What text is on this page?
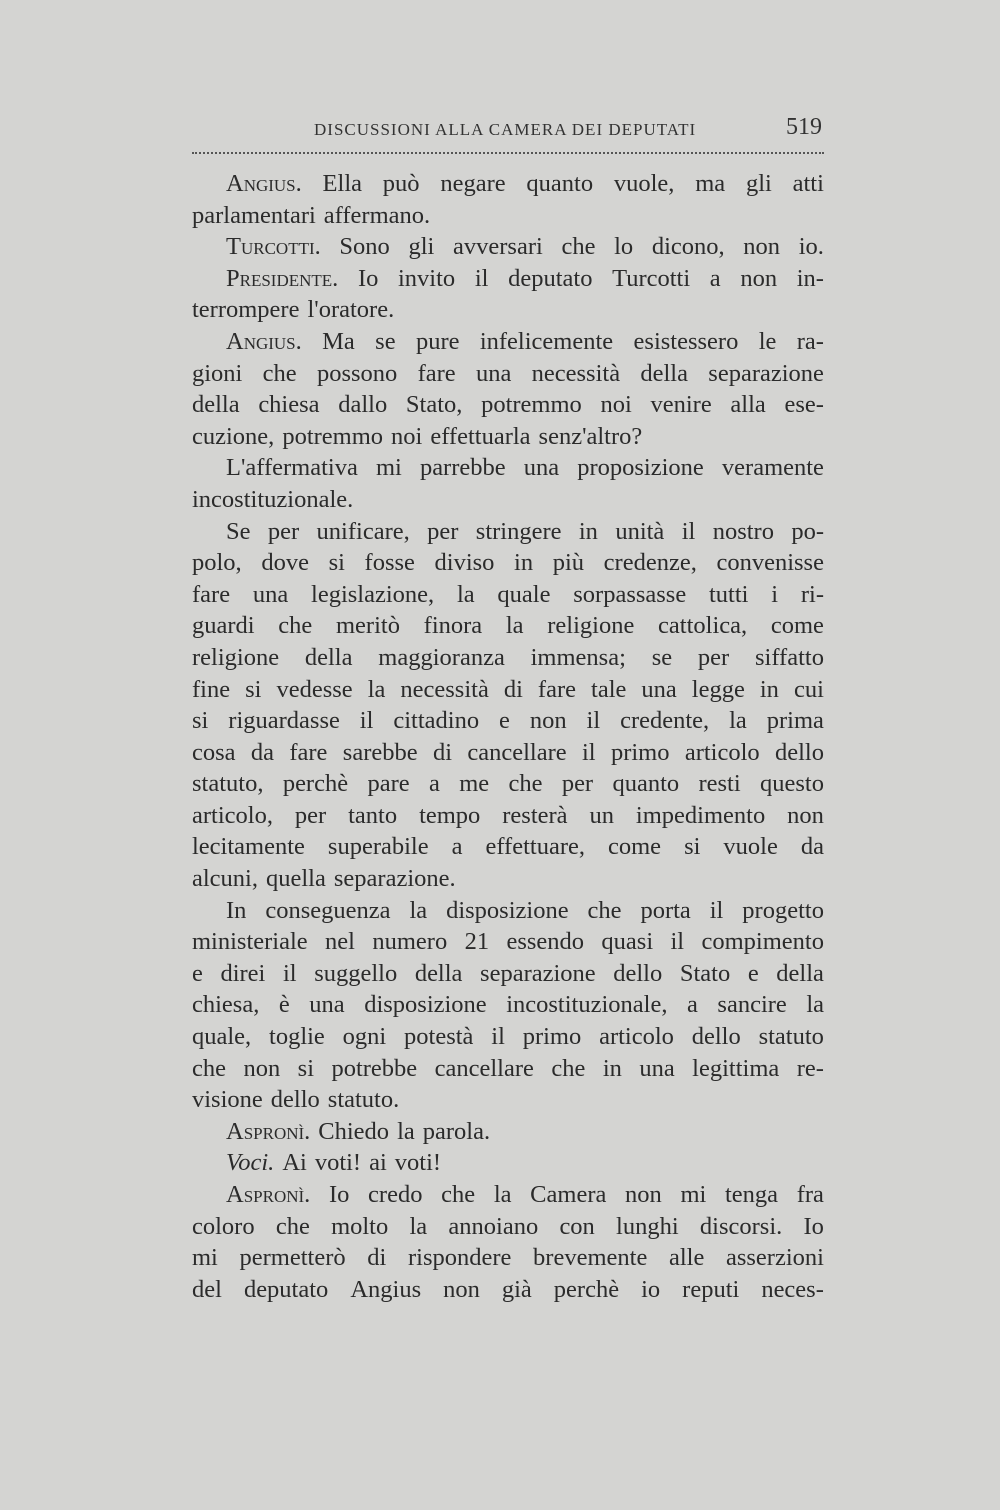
DISCUSSIONI ALLA CAMERA DEI DEPUTATI	519
Angius. Ella può negare quanto vuole, ma gli atti
parlamentari affermano.
Turcotti. Sono gli avversari che lo dicono, non io.
Presidente. Io invito il deputato Turcotti a non in-
terrompere l'oratore.
Angius. Ma se pure infelicemente esistessero le ra-
gioni che possono fare una necessità della separazione
della chiesa dallo Stato, potremmo noi venire alla ese-
cuzione, potremmo noi effettuarla senz'altro?
L'affermativa mi parrebbe una proposizione veramente
incostituzionale.
Se per unificare, per stringere in unità il nostro po-
polo, dove si fosse diviso in più credenze, convenisse
fare una legislazione, la quale sorpassasse tutti i ri-
guardi che meritò finora la religione cattolica, come
religione della maggioranza immensa; se per siffatto
fine si vedesse la necessità di fare tale una legge in cui
si riguardasse il cittadino e non il credente, la prima
cosa da fare sarebbe di cancellare il primo articolo dello
statuto, perchè pare a me che per quanto resti questo
articolo, per tanto tempo resterà un impedimento non
lecitamente superabile a effettuare, come si vuole da
alcuni, quella separazione.
In conseguenza la disposizione che porta il progetto
ministeriale nel numero 21 essendo quasi il compimento
e direi il suggello della separazione dello Stato e della
chiesa, è una disposizione incostituzionale, a sancire la
quale, toglie ogni potestà il primo articolo dello statuto
che non si potrebbe cancellare che in una legittima re-
visione dello statuto.
Aspronì. Chiedo la parola.
Voci. Ai voti! ai voti!
Aspronì. Io credo che la Camera non mi tenga fra
coloro che molto la annoiano con lunghi discorsi. Io
mi permetterò di rispondere brevemente alle asserzioni
del deputato Angius non già perchè io reputi neces-
